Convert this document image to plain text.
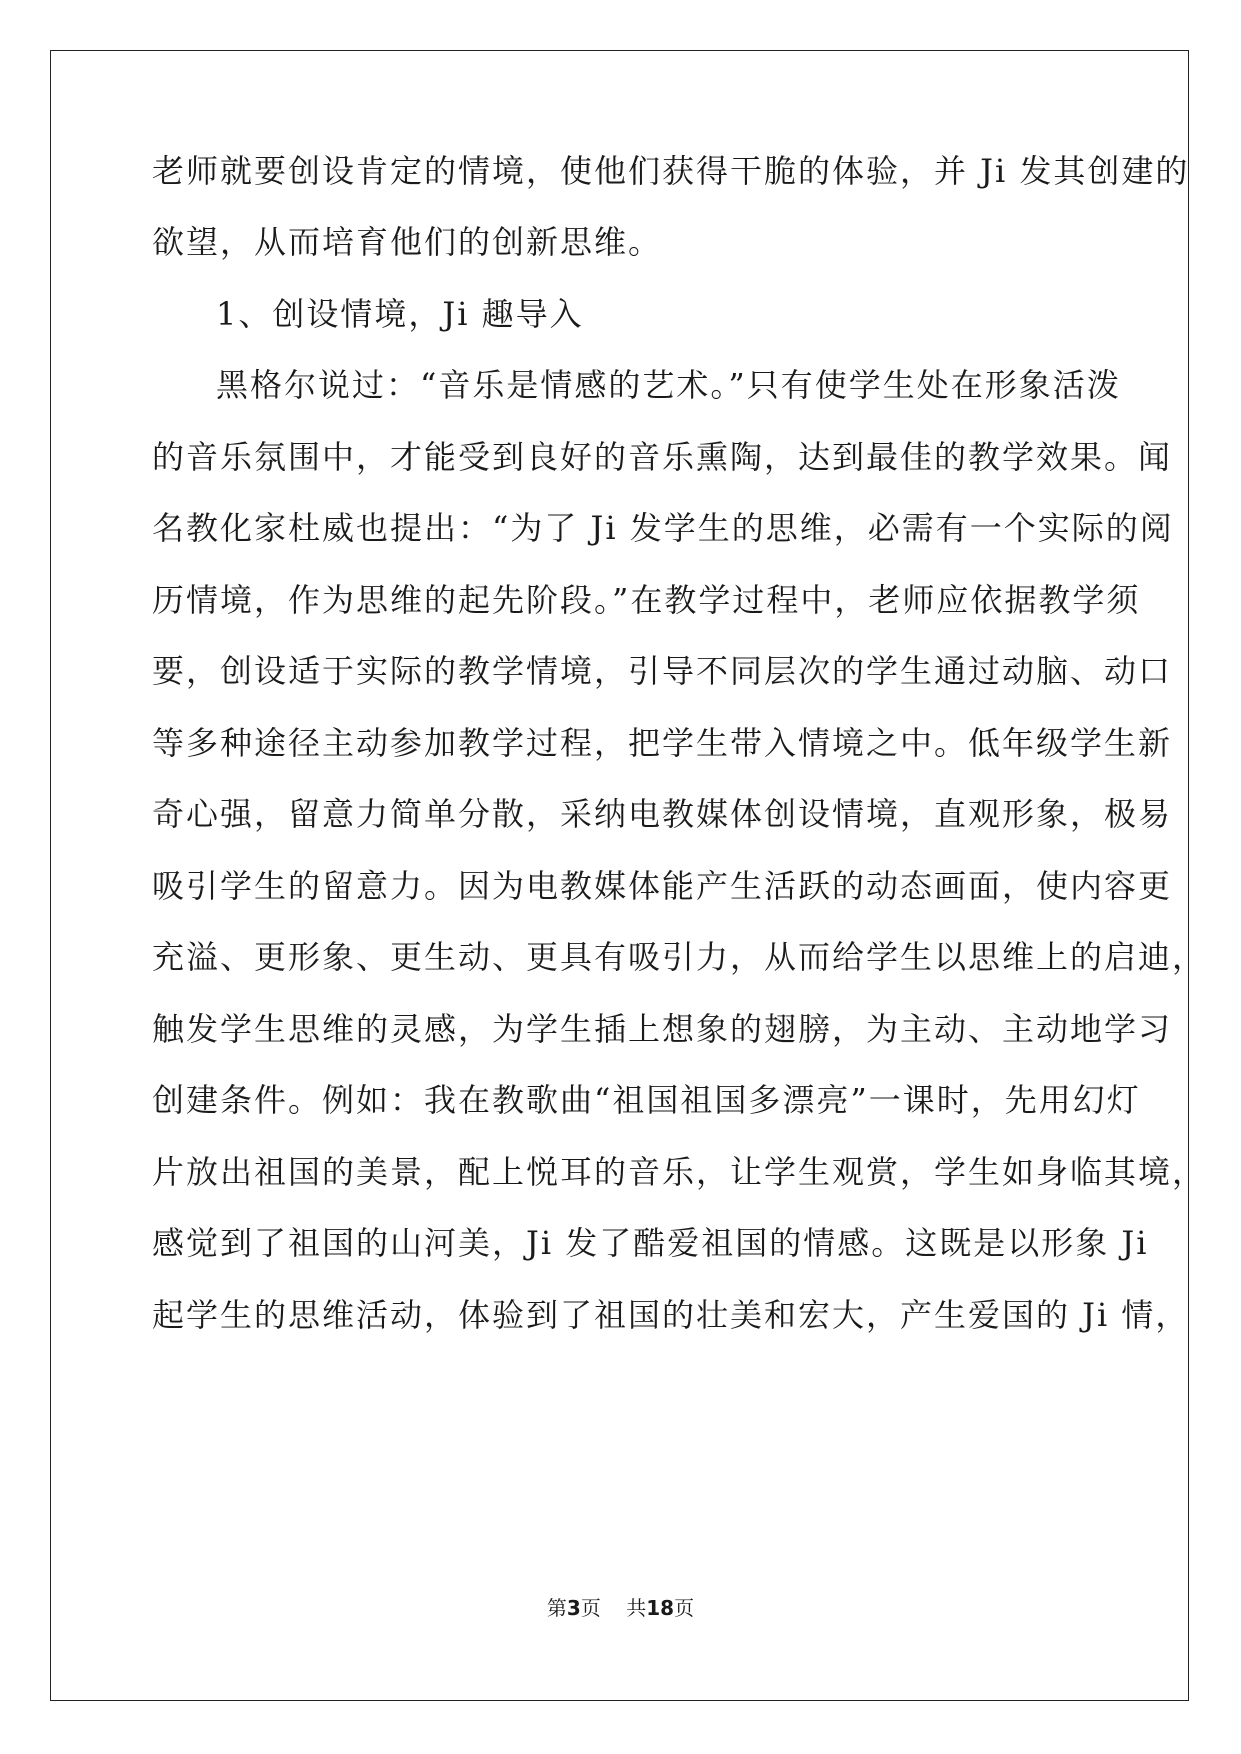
老师就要创设肯定的情境，使他们获得干脆的体验，并 Ji 发其创建的
欲望，从而培育他们的创新思维。
1、创设情境，Ji 趣导入
黑格尔说过：“音乐是情感的艺术。”只有使学生处在形象活泼
的音乐氛围中，才能受到良好的音乐熏陶，达到最佳的教学效果。闻
名教化家杜威也提出：“为了 Ji 发学生的思维，必需有一个实际的阅
历情境，作为思维的起先阶段。”在教学过程中，老师应依据教学须
要，创设适于实际的教学情境，引导不同层次的学生通过动脑、动口
等多种途径主动参加教学过程，把学生带入情境之中。低年级学生新
奇心强，留意力简单分散，采纳电教媒体创设情境，直观形象，极易
吸引学生的留意力。因为电教媒体能产生活跃的动态画面，使内容更
充溢、更形象、更生动、更具有吸引力，从而给学生以思维上的启迪，
触发学生思维的灵感，为学生插上想象的翅膀，为主动、主动地学习
创建条件。例如：我在教歌曲“祖国祖国多漂亮”一课时，先用幻灯
片放出祖国的美景，配上悦耳的音乐，让学生观赏，学生如身临其境，
感觉到了祖国的山河美，Ji 发了酷爱祖国的情感。这既是以形象 Ji
起学生的思维活动，体验到了祖国的壮美和宏大，产生爱国的 Ji 情，
第3页 共18页
